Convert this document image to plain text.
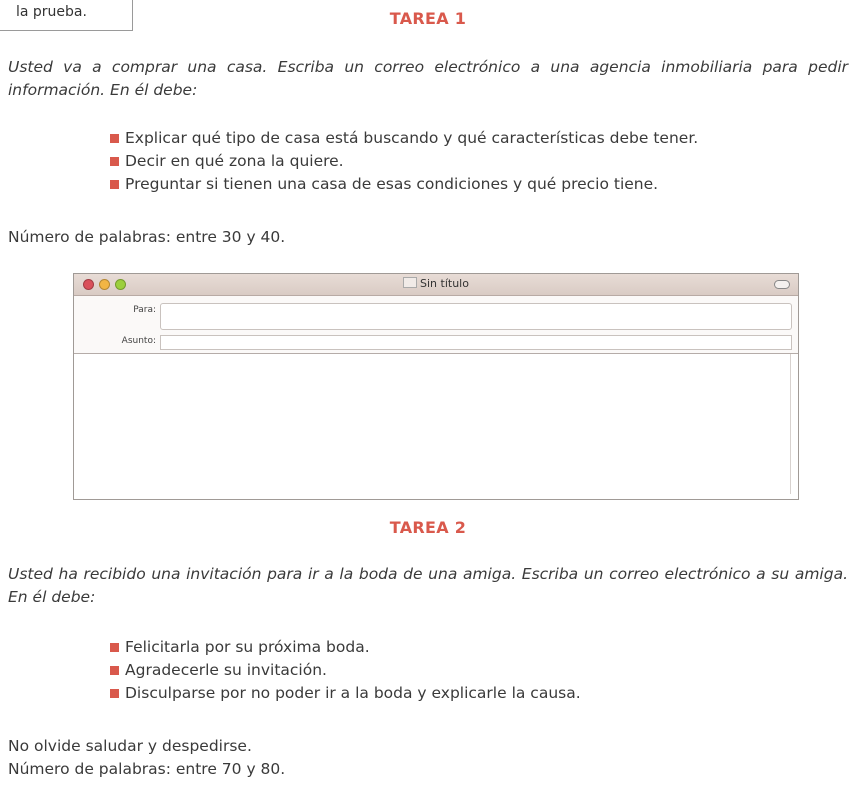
la prueba.	TAREA 1

Usted va a comprar una casa. Escriba un correo electrónico a una agencia inmobiliaria para pedir información. En él debe:

Explicar qué tipo de casa está buscando y qué características debe tener.
Decir en qué zona la quiere.
Preguntar si tienen una casa de esas condiciones y qué precio tiene.

Número de palabras: entre 30 y 40.

Sin título
Para:
Asunto:
TAREA 2

Usted ha recibido una invitación para ir a la boda de una amiga. Escriba un correo electrónico a su amiga. En él debe:

Felicitarla por su próxima boda.
Agradecerle su invitación.
Disculparse por no poder ir a la boda y explicarle la causa.

No olvide saludar y despedirse.

Número de palabras: entre 70 y 80.
